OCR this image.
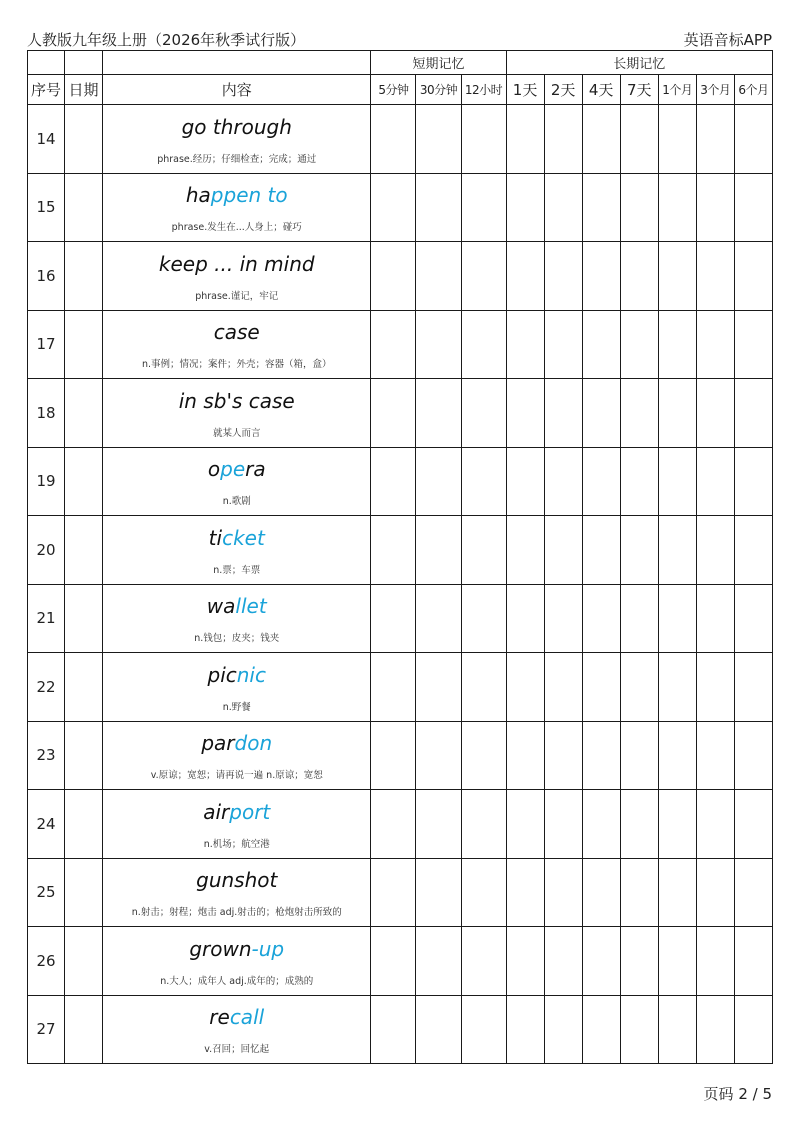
人教版九年级上册（2026年秋季试行版）	英语音标APP
			短期记忆			长期记忆						
序号	日期	内容	5分钟	30分钟	12小时	1天	2天	4天	7天	1个月	3个月	6个月
14		go through
phrase.经历；仔细检查；完成；通过										

15		happen to
phrase.发生在...人身上；碰巧										

16		keep ... in mind
phrase.谨记，牢记										

17		case
n.事例；情况；案件；外壳；容器（箱，盒）										

18		in sb's case
就某人而言										

19		opera
n.歌剧										

20		ticket
n.票；车票										

21		wallet
n.钱包；皮夹；钱夹										

22		picnic
n.野餐										

23		pardon
v.原谅；宽恕；请再说一遍 n.原谅；宽恕										

24		airport
n.机场；航空港										

25		gunshot
n.射击；射程；炮击 adj.射击的；枪炮射击所致的										

26		grown-up
n.大人；成年人 adj.成年的；成熟的										

27		recall
v.召回；回忆起										

页码 2 / 5
